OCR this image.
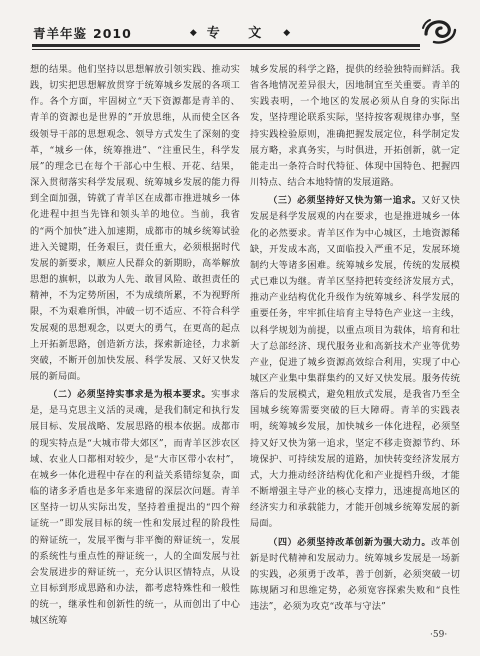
青羊年鉴 2010	◆ 专 文 ◆

想的结果。他们坚持以思想解放引领实践、推动实践，切实把思想解放贯穿于统筹城乡发展的各项工作。各个方面，牢固树立“天下资源都是青羊的、青羊的资源也是世界的”开放思维，从而使全区各级领导干部的思想观念、领导方式发生了深刻的变革，“城乡一体，统筹推进”、“注重民生，科学发展”的理念已在每个干部心中生根、开花、结果，深入贯彻落实科学发展观、统筹城乡发展的能力得到全面加强，铸就了青羊区在成都市推进城乡一体化进程中担当先锋和领头羊的地位。当前，我省的“两个加快”进入加速期，成都市的城乡统筹试验进入关键期，任务艰巨，责任重大，必须根据时代发展的新要求，顺应人民群众的新期盼，高举解放思想的旗帜，以敢为人先、敢冒风险、敢担责任的精神，不为定势所困，不为成绩所累，不为视野所限，不为艰难所惧，冲破一切不适应、不符合科学发展观的思想观念，以更大的勇气，在更高的起点上开拓新思路，创造新方法，探索新途径，力求新突破，不断开创加快发展、科学发展、又好又快发展的新局面。

（二）必须坚持实事求是为根本要求。实事求是，是马克思主义活的灵魂，是我们制定和执行发展目标、发展战略、发展思路的根本依据。成都市的现实特点是“大城市带大郊区”，而青羊区涉农区域、农业人口都相对较少，是“大市区带小农村”，在城乡一体化进程中存在的利益关系错综复杂，面临的诸多矛盾也是多年来遗留的深层次问题。青羊区坚持一切从实际出发，坚持着重提出的“四个辩证统一”即发展目标的统一性和发展过程的阶段性的辩证统一，发展平衡与非平衡的辩证统一，发展的系统性与重点性的辩证统一，人的全面发展与社会发展进步的辩证统一，充分认识区情特点，从设立目标到形成思路和办法，都考虑特殊性和一般性的统一，继承性和创新性的统一，从而创出了中心城区统筹

城乡发展的科学之路，提供的经验独特而鲜活。我省各地情况差异很大，因地制宜至关重要。青羊的实践表明，一个地区的发展必须从自身的实际出发，坚持理论联系实际，坚持按客观规律办事，坚持实践检验原则，准确把握发展定位，科学制定发展方略，求真务实，与时俱进，开拓创新，就一定能走出一条符合时代特征、体现中国特色、把握四川特点、结合本地特情的发展道路。

（三）必须坚持好又快为第一追求。又好又快发展是科学发展观的内在要求，也是推进城乡一体化的必然要求。青羊区作为中心城区，土地资源稀缺，开发成本高，又面临投入严重不足，发展环境制约大等诸多困难。统筹城乡发展，传统的发展模式已难以为继。青羊区坚持把转变经济发展方式，推动产业结构优化升级作为统筹城乡、科学发展的重要任务，牢牢抓住培育主导特色产业这一主线，以科学规划为前提，以重点项目为载体，培育和壮大了总部经济、现代服务业和高新技术产业等优势产业，促进了城乡资源高效综合利用，实现了中心城区产业集中集群集约的又好又快发展。服务传统落后的发展模式，避免粗放式发展，是我省乃至全国城乡统筹需要突破的巨大障碍。青羊的实践表明，统筹城乡发展，加快城乡一体化进程，必须坚持又好又快为第一追求，坚定不移走资源节约、环境保护、可持续发展的道路，加快转变经济发展方式，大力推动经济结构优化和产业提档升级，才能不断增强主导产业的核心支撑力，迅速提高地区的经济实力和承载能力，才能开创城乡统筹发展的新局面。

（四）必须坚持改革创新为强大动力。改革创新是时代精神和发展动力。统筹城乡发展是一场新的实践，必须勇于改革，善于创新，必须突破一切陈规陋习和思维定势，必须宽容探索失败和“良性违法”，必须为攻克“改革与守法”

·59·
